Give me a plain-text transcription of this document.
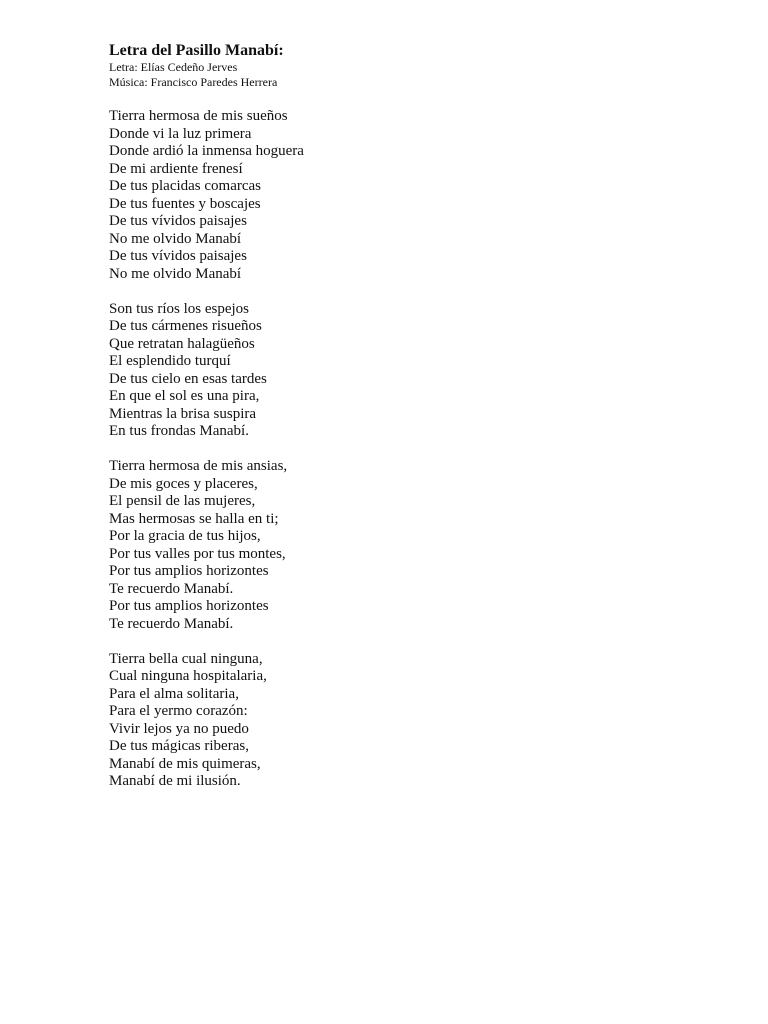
Letra del Pasillo Manabí:

Letra: Elías Cedeño Jerves

Música: Francisco Paredes Herrera

Tierra hermosa de mis sueños
Donde vi la luz primera
Donde ardió la inmensa hoguera
De mi ardiente frenesí
De tus placidas comarcas
De tus fuentes y boscajes
De tus vívidos paisajes
No me olvido Manabí
De tus vívidos paisajes
No me olvido Manabí
Son tus ríos los espejos
De tus cármenes risueños
Que retratan halagüeños
El esplendido turquí
De tus cielo en esas tardes
En que el sol es una pira,
Mientras la brisa suspira
En tus frondas Manabí.
Tierra hermosa de mis ansias,
De mis goces y placeres,
El pensil de las mujeres,
Mas hermosas se halla en ti;
Por la gracia de tus hijos,
Por tus valles por tus montes,
Por tus amplios horizontes
Te recuerdo Manabí.
Por tus amplios horizontes
Te recuerdo Manabí.
Tierra bella cual ninguna,
Cual ninguna hospitalaria,
Para el alma solitaria,
Para el yermo corazón:
Vivir lejos ya no puedo
De tus mágicas riberas,
Manabí de mis quimeras,
Manabí de mi ilusión.
